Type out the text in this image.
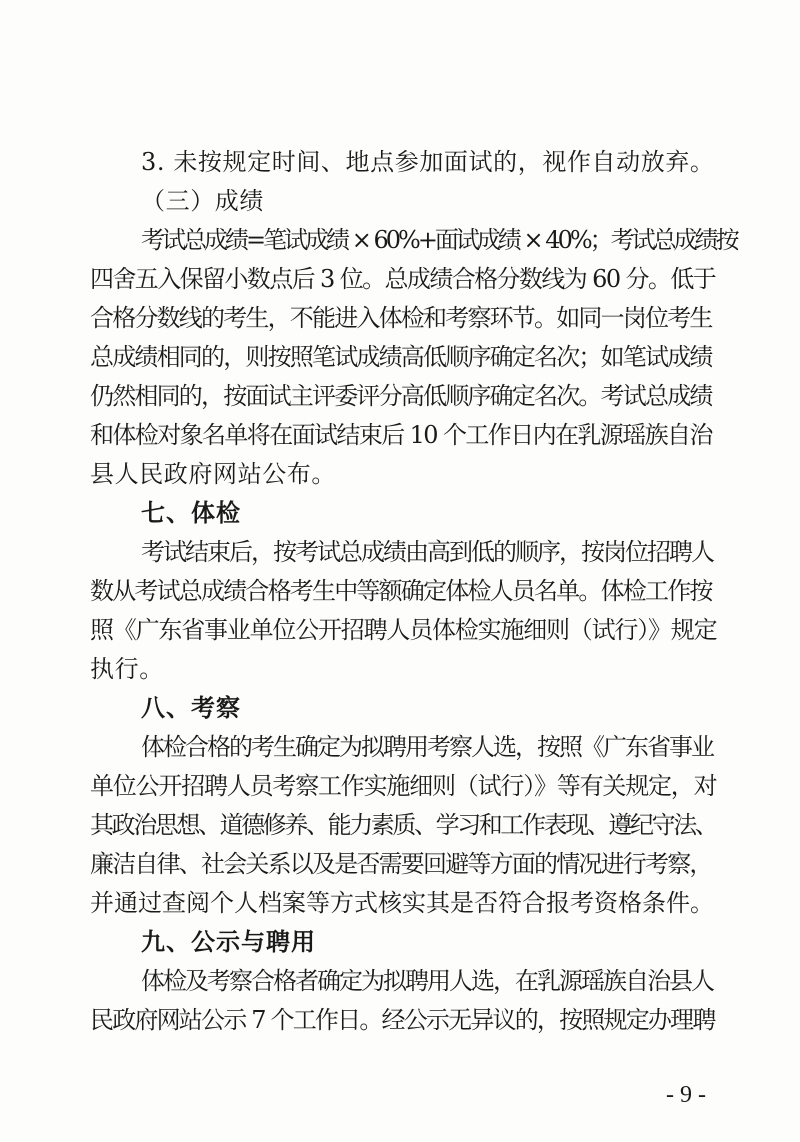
3. 未按规定时间、地点参加面试的，视作自动放弃。

（三）成绩

考试总成绩=笔试成绩 × 60%+面试成绩 × 40%；考试总成绩按

四舍五入保留小数点后 3 位。总成绩合格分数线为 60 分。低于

合格分数线的考生，不能进入体检和考察环节。如同一岗位考生

总成绩相同的，则按照笔试成绩高低顺序确定名次；如笔试成绩

仍然相同的，按面试主评委评分高低顺序确定名次。考试总成绩

和体检对象名单将在面试结束后 10 个工作日内在乳源瑶族自治

县人民政府网站公布。

七、体检

考试结束后，按考试总成绩由高到低的顺序，按岗位招聘人

数从考试总成绩合格考生中等额确定体检人员名单。体检工作按

照《广东省事业单位公开招聘人员体检实施细则（试行）》规定

执行。

八、考察

体检合格的考生确定为拟聘用考察人选，按照《广东省事业

单位公开招聘人员考察工作实施细则（试行）》等有关规定，对

其政治思想、道德修养、能力素质、学习和工作表现、遵纪守法、

廉洁自律、社会关系以及是否需要回避等方面的情况进行考察，

并通过查阅个人档案等方式核实其是否符合报考资格条件。

九、公示与聘用

体检及考察合格者确定为拟聘用人选，在乳源瑶族自治县人

民政府网站公示 7 个工作日。经公示无异议的，按照规定办理聘

- 9 -
